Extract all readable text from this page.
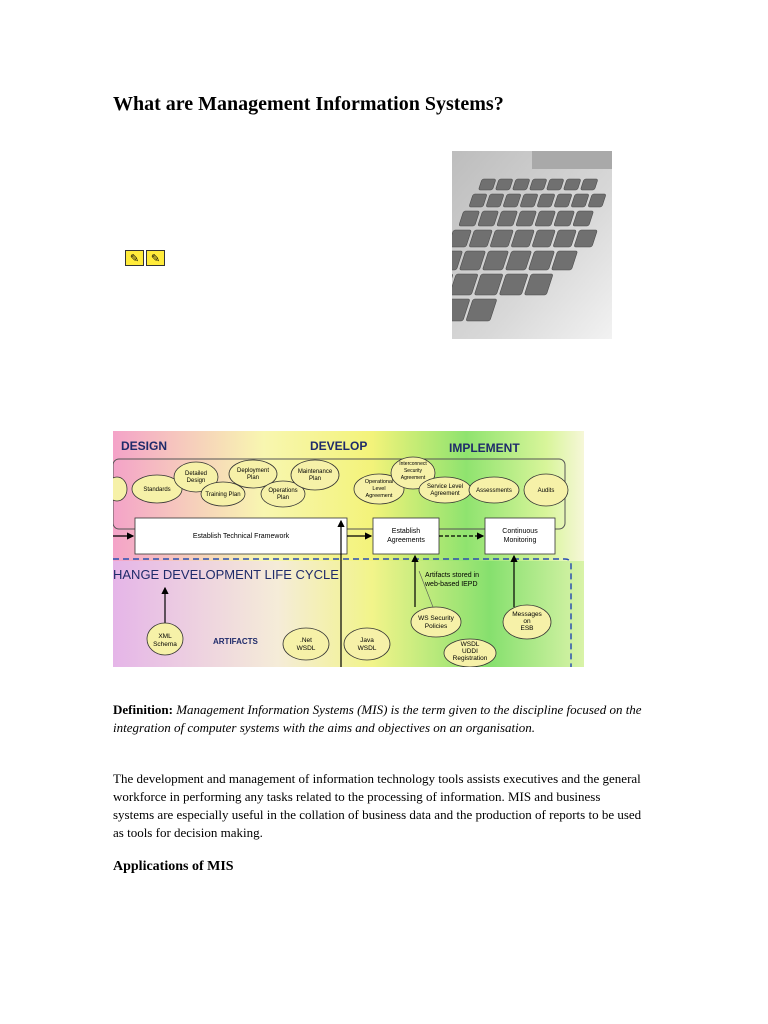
What are Management Information Systems?
✎	✎
DESIGN	DEVELOP	IMPLEMENT
Standards
Detailed Design
Training Plan
Deployment Plan
Operations Plan
Maintenance Plan	Operational Level Agreement
Interconnect Security Agreement
Service Level Agreement	Assessments	Audits
Establish Technical Framework
Establish Agreements
Continuous Monitoring
HANGE DEVELOPMENT LIFE CYCLE	Artifacts stored in web-based IEPD
ARTIFACTS
XML Schema
.Net WSDL
Java WSDL
WS Security Policies
Messages on ESB
WSDL UDDI Registration

Definition: Management Information Systems (MIS) is the term given to the discipline focused on the integration of computer systems with the aims and objectives on an organisation.

The development and management of information technology tools assists executives and the general workforce in performing any tasks related to the processing of information. MIS and business systems are especially useful in the collation of business data and the production of reports to be used as tools for decision making.

Applications of MIS
